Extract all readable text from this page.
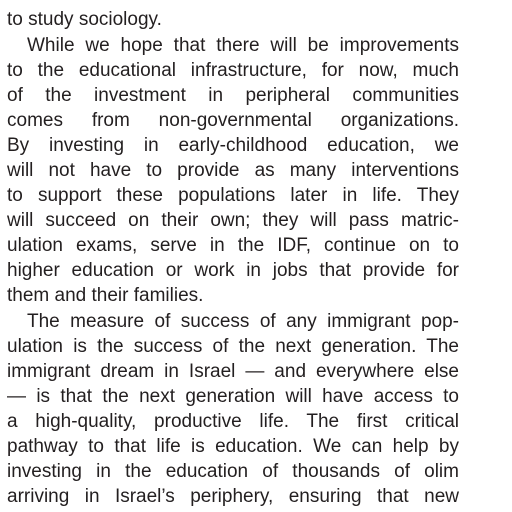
to study sociology.
While we hope that there will be improvements
to the educational infrastructure, for now, much
of the investment in peripheral communities
comes from non-governmental organizations.
By investing in early-childhood education, we
will not have to provide as many interventions
to support these populations later in life. They
will succeed on their own; they will pass matric-
ulation exams, serve in the IDF, continue on to
higher education or work in jobs that provide for
them and their families.
The measure of success of any immigrant pop-
ulation is the success of the next generation. The
immigrant dream in Israel — and everywhere else
— is that the next generation will have access to
a high-quality, productive life. The first critical
pathway to that life is education. We can help by
investing in the education of thousands of olim
arriving in Israel’s periphery, ensuring that new
